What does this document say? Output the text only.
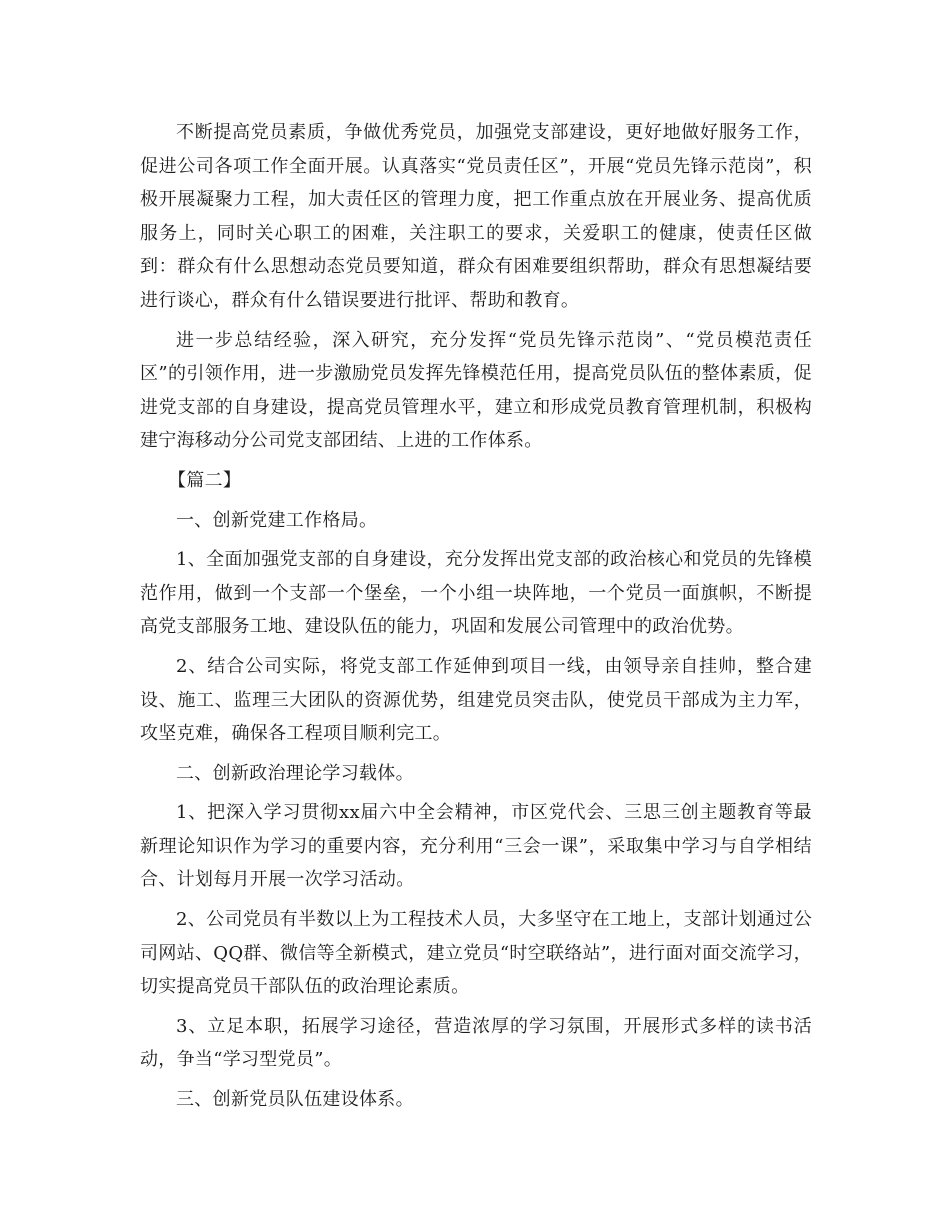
不断提高党员素质，争做优秀党员，加强党支部建设，更好地做好服务工作，促进公司各项工作全面开展。认真落实“党员责任区”，开展“党员先锋示范岗”，积极开展凝聚力工程，加大责任区的管理力度，把工作重点放在开展业务、提高优质服务上，同时关心职工的困难，关注职工的要求，关爱职工的健康，使责任区做到：群众有什么思想动态党员要知道，群众有困难要组织帮助，群众有思想凝结要进行谈心，群众有什么错误要进行批评、帮助和教育。

进一步总结经验，深入研究，充分发挥“党员先锋示范岗”、“党员模范责任区”的引领作用，进一步激励党员发挥先锋模范任用，提高党员队伍的整体素质，促进党支部的自身建设，提高党员管理水平，建立和形成党员教育管理机制，积极构建宁海移动分公司党支部团结、上进的工作体系。

【篇二】

一、创新党建工作格局。

1、全面加强党支部的自身建设，充分发挥出党支部的政治核心和党员的先锋模范作用，做到一个支部一个堡垒，一个小组一块阵地，一个党员一面旗帜，不断提高党支部服务工地、建设队伍的能力，巩固和发展公司管理中的政治优势。

2、结合公司实际，将党支部工作延伸到项目一线，由领导亲自挂帅，整合建设、施工、监理三大团队的资源优势，组建党员突击队，使党员干部成为主力军，攻坚克难，确保各工程项目顺利完工。

二、创新政治理论学习载体。

1、把深入学习贯彻xx届六中全会精神，市区党代会、三思三创主题教育等最新理论知识作为学习的重要内容，充分利用“三会一课”，采取集中学习与自学相结合、计划每月开展一次学习活动。

2、公司党员有半数以上为工程技术人员，大多坚守在工地上，支部计划通过公司网站、QQ群、微信等全新模式，建立党员“时空联络站”，进行面对面交流学习，切实提高党员干部队伍的政治理论素质。

3、立足本职，拓展学习途径，营造浓厚的学习氛围，开展形式多样的读书活动，争当“学习型党员”。

三、创新党员队伍建设体系。
